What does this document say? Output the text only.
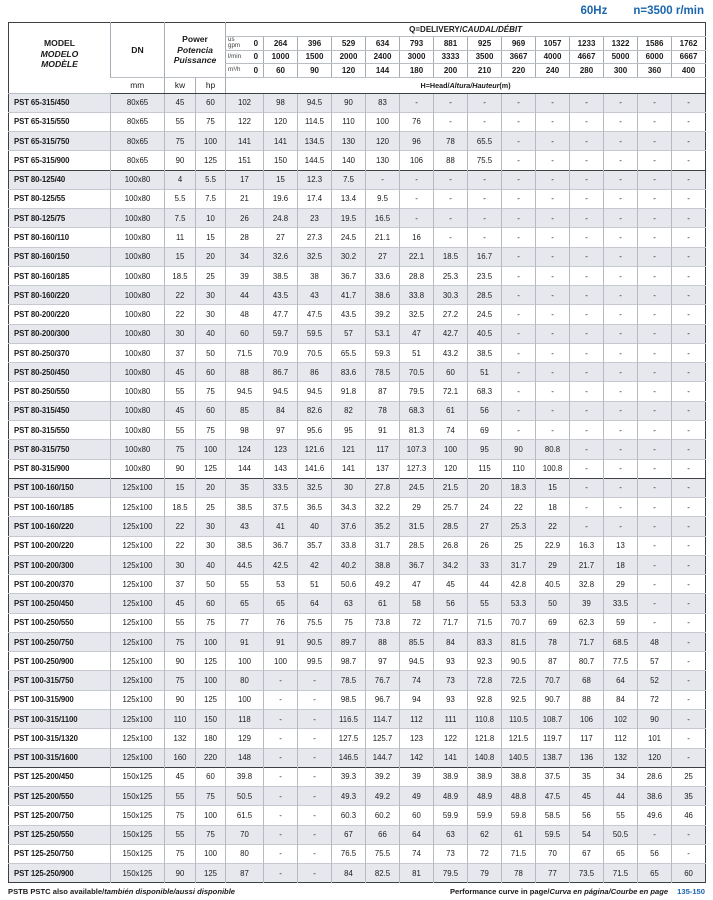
60Hz n=3500 r/min
MODEL
MODELO
MODÈLE
	DN	
Power
Potencia
Puissance
	Q=DELIVERY/CAUDAL/DÉBIT

				us gpm 0	264	396	529	634	793	881	925	969	1057	1233	1322	1586	1762

				l/min 0	1000	1500	2000	2400	3000	3333	3500	3667	4000	4667	5000	6000	6667

				m³/h 0	60	90	120	144	180	200	210	220	240	280	300	360	400
	mm	kw	hp	H=Head/Altura/Hauteur(m)													
PST 65-315/450	80x65	45	60	102	98	94.5	90	83	-	-	-	-	-	-	-	-	-
PST 65-315/550	80x65	55	75	122	120	114.5	110	100	76	-	-	-	-	-	-	-	-
PST 65-315/750	80x65	75	100	141	141	134.5	130	120	96	78	65.5	-	-	-	-	-	-
PST 65-315/900	80x65	90	125	151	150	144.5	140	130	106	88	75.5	-	-	-	-	-	-
PST 80-125/40	100x80	4	5.5	17	15	12.3	7.5	-	-	-	-	-	-	-	-	-	-
PST 80-125/55	100x80	5.5	7.5	21	19.6	17.4	13.4	9.5	-	-	-	-	-	-	-	-	-
PST 80-125/75	100x80	7.5	10	26	24.8	23	19.5	16.5	-	-	-	-	-	-	-	-	-
PST 80-160/110	100x80	11	15	28	27	27.3	24.5	21.1	16	-	-	-	-	-	-	-	-
PST 80-160/150	100x80	15	20	34	32.6	32.5	30.2	27	22.1	18.5	16.7	-	-	-	-	-	-
PST 80-160/185	100x80	18.5	25	39	38.5	38	36.7	33.6	28.8	25.3	23.5	-	-	-	-	-	-
PST 80-160/220	100x80	22	30	44	43.5	43	41.7	38.6	33.8	30.3	28.5	-	-	-	-	-	-
PST 80-200/220	100x80	22	30	48	47.7	47.5	43.5	39.2	32.5	27.2	24.5	-	-	-	-	-	-
PST 80-200/300	100x80	30	40	60	59.7	59.5	57	53.1	47	42.7	40.5	-	-	-	-	-	-
PST 80-250/370	100x80	37	50	71.5	70.9	70.5	65.5	59.3	51	43.2	38.5	-	-	-	-	-	-
PST 80-250/450	100x80	45	60	88	86.7	86	83.6	78.5	70.5	60	51	-	-	-	-	-	-
PST 80-250/550	100x80	55	75	94.5	94.5	94.5	91.8	87	79.5	72.1	68.3	-	-	-	-	-	-
PST 80-315/450	100x80	45	60	85	84	82.6	82	78	68.3	61	56	-	-	-	-	-	-
PST 80-315/550	100x80	55	75	98	97	95.6	95	91	81.3	74	69	-	-	-	-	-	-
PST 80-315/750	100x80	75	100	124	123	121.6	121	117	107.3	100	95	90	80.8	-	-	-	-
PST 80-315/900	100x80	90	125	144	143	141.6	141	137	127.3	120	115	110	100.8	-	-	-	-
PST 100-160/150	125x100	15	20	35	33.5	32.5	30	27.8	24.5	21.5	20	18.3	15	-	-	-	-
PST 100-160/185	125x100	18.5	25	38.5	37.5	36.5	34.3	32.2	29	25.7	24	22	18	-	-	-	-
PST 100-160/220	125x100	22	30	43	41	40	37.6	35.2	31.5	28.5	27	25.3	22	-	-	-	-
PST 100-200/220	125x100	22	30	38.5	36.7	35.7	33.8	31.7	28.5	26.8	26	25	22.9	16.3	13	-	-
PST 100-200/300	125x100	30	40	44.5	42.5	42	40.2	38.8	36.7	34.2	33	31.7	29	21.7	18	-	-
PST 100-200/370	125x100	37	50	55	53	51	50.6	49.2	47	45	44	42.8	40.5	32.8	29	-	-
PST 100-250/450	125x100	45	60	65	65	64	63	61	58	56	55	53.3	50	39	33.5	-	-
PST 100-250/550	125x100	55	75	77	76	75.5	75	73.8	72	71.7	71.5	70.7	69	62.3	59	-	-
PST 100-250/750	125x100	75	100	91	91	90.5	89.7	88	85.5	84	83.3	81.5	78	71.7	68.5	48	-
PST 100-250/900	125x100	90	125	100	100	99.5	98.7	97	94.5	93	92.3	90.5	87	80.7	77.5	57	-
PST 100-315/750	125x100	75	100	80	-	-	78.5	76.7	74	73	72.8	72.5	70.7	68	64	52	-
PST 100-315/900	125x100	90	125	100	-	-	98.5	96.7	94	93	92.8	92.5	90.7	88	84	72	-
PST 100-315/1100	125x100	110	150	118	-	-	116.5	114.7	112	111	110.8	110.5	108.7	106	102	90	-
PST 100-315/1320	125x100	132	180	129	-	-	127.5	125.7	123	122	121.8	121.5	119.7	117	112	101	-
PST 100-315/1600	125x100	160	220	148	-	-	146.5	144.7	142	141	140.8	140.5	138.7	136	132	120	-
PST 125-200/450	150x125	45	60	39.8	-	-	39.3	39.2	39	38.9	38.9	38.8	37.5	35	34	28.6	25
PST 125-200/550	150x125	55	75	50.5	-	-	49.3	49.2	49	48.9	48.9	48.8	47.5	45	44	38.6	35
PST 125-200/750	150x125	75	100	61.5	-	-	60.3	60.2	60	59.9	59.9	59.8	58.5	56	55	49.6	46
PST 125-250/550	150x125	55	75	70	-	-	67	66	64	63	62	61	59.5	54	50.5	-	-
PST 125-250/750	150x125	75	100	80	-	-	76.5	75.5	74	73	72	71.5	70	67	65	56	-
PST 125-250/900	150x125	90	125	87	-	-	84	82.5	81	79.5	79	78	77	73.5	71.5	65	60
PSTB PSTC also available/también disponible/aussi disponible	Performance curve in page/ Curva en página/Courbe en page 135-150
